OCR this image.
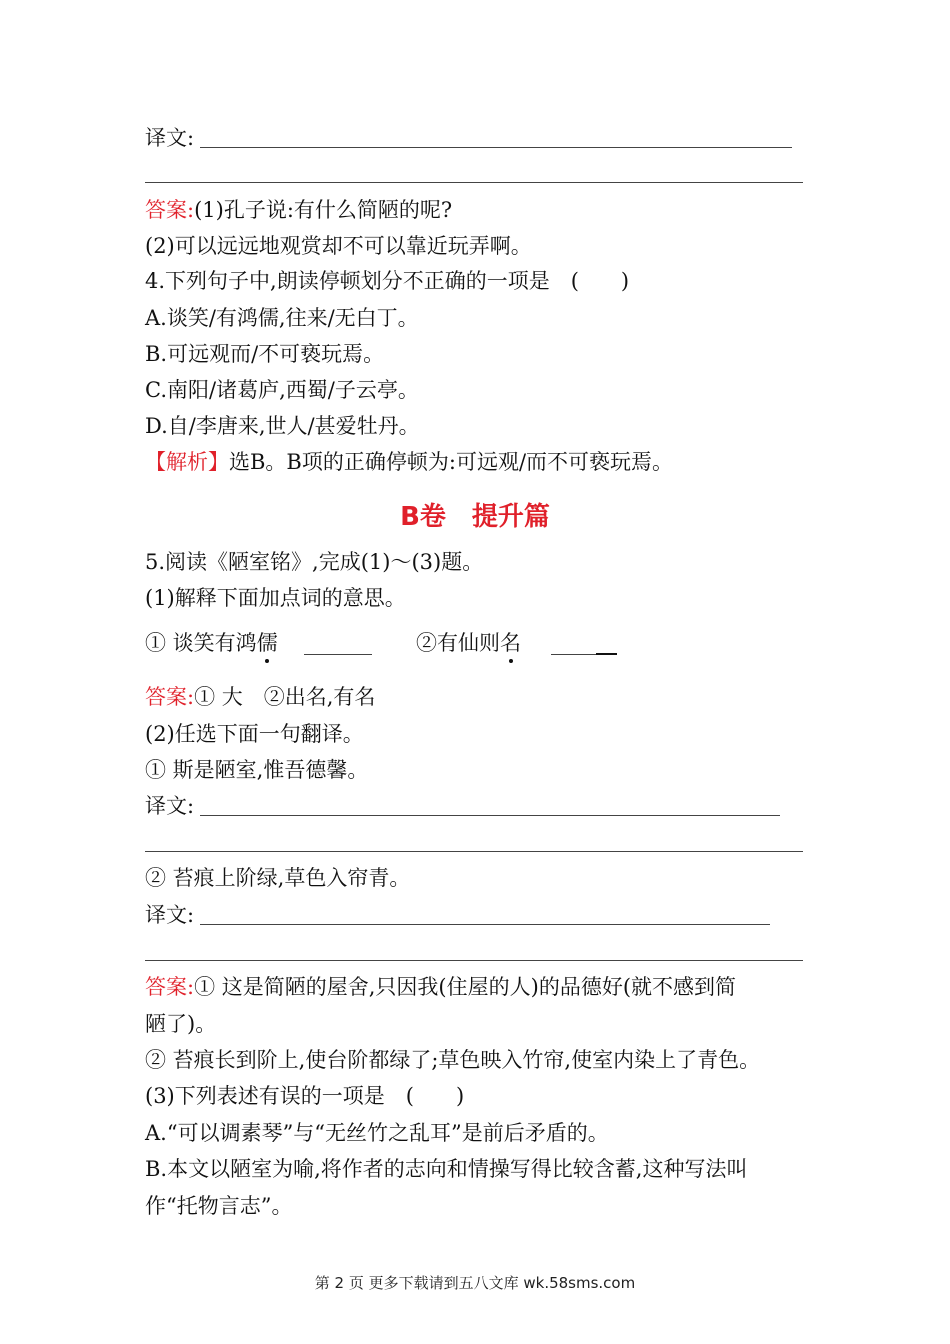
译文:
答案:(1)孔子说:有什么简陋的呢?
(2)可以远远地观赏却不可以靠近玩弄啊。
4.下列句子中,朗读停顿划分不正确的一项是　(　　)
A.谈笑/有鸿儒,往来/无白丁。
B.可远观而/不可亵玩焉。
C.南阳/诸葛庐,西蜀/子云亭。
D.自/李唐来,世人/甚爱牡丹。
【解析】选B。B项的正确停顿为:可远观/而不可亵玩焉。
B卷　提升篇
5.阅读《陋室铭》,完成(1)～(3)题。
(1)解释下面加点词的意思。
① 谈笑有鸿儒	②有仙则名
答案:① 大　②出名,有名
(2)任选下面一句翻译。
① 斯是陋室,惟吾德馨。
译文:
② 苔痕上阶绿,草色入帘青。
译文:
答案:① 这是简陋的屋舍,只因我(住屋的人)的品德好(就不感到简
陋了)。
② 苔痕长到阶上,使台阶都绿了;草色映入竹帘,使室内染上了青色。
(3)下列表述有误的一项是　(　　)
A.“可以调素琴”与“无丝竹之乱耳”是前后矛盾的。
B.本文以陋室为喻,将作者的志向和情操写得比较含蓄,这种写法叫
作“托物言志”。
第 2 页 更多下载请到五八文库 wk.58sms.com
